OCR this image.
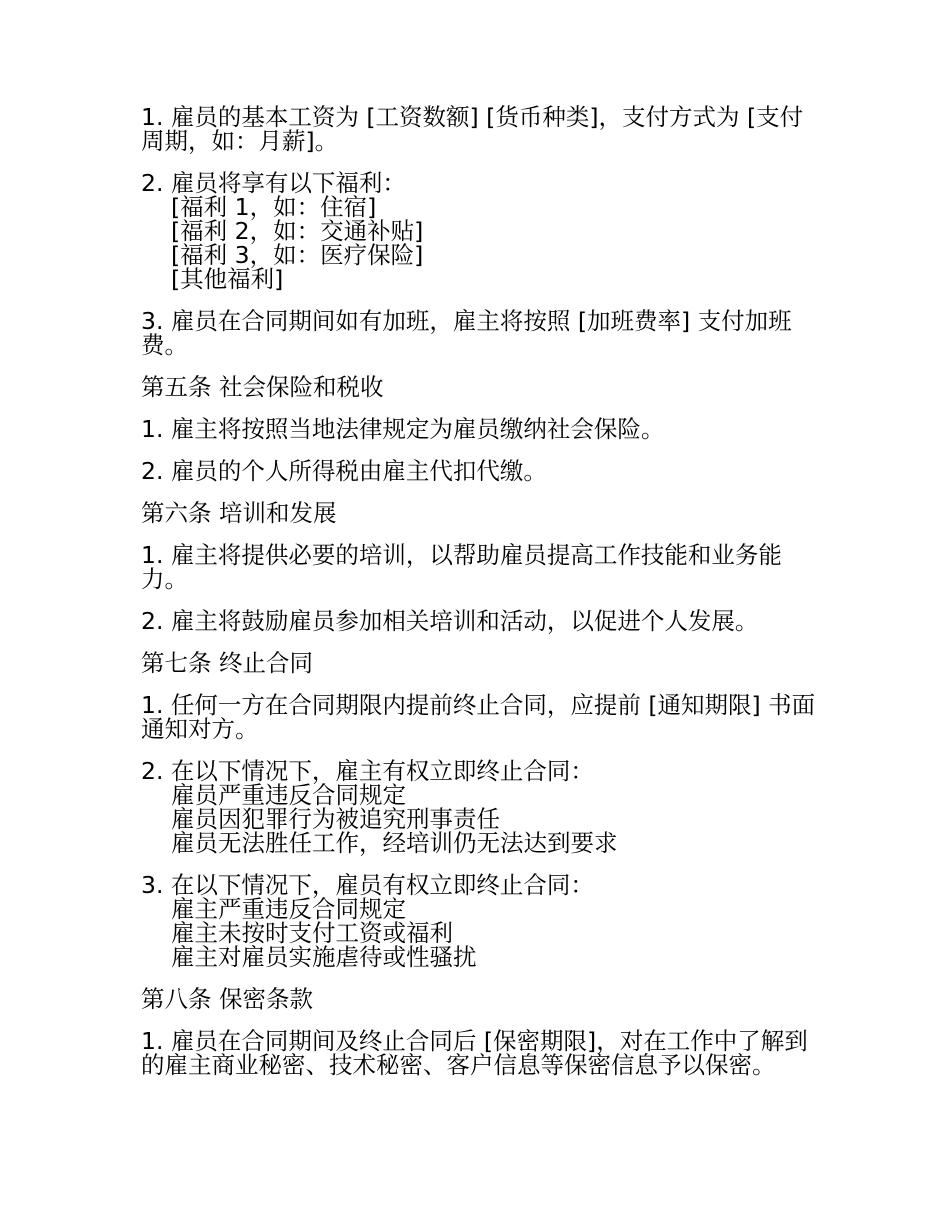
1. 雇员的基本工资为 [工资数额] [货币种类]，支付方式为 [支付周期，如：月薪]。
2. 雇员将享有以下福利：
[福利 1，如：住宿]
[福利 2，如：交通补贴]
[福利 3，如：医疗保险]
[其他福利]
3. 雇员在合同期间如有加班，雇主将按照 [加班费率] 支付加班费。
第五条 社会保险和税收
1. 雇主将按照当地法律规定为雇员缴纳社会保险。
2. 雇员的个人所得税由雇主代扣代缴。
第六条 培训和发展
1. 雇主将提供必要的培训，以帮助雇员提高工作技能和业务能力。
2. 雇主将鼓励雇员参加相关培训和活动，以促进个人发展。
第七条 终止合同
1. 任何一方在合同期限内提前终止合同，应提前 [通知期限] 书面通知对方。
2. 在以下情况下，雇主有权立即终止合同：
雇员严重违反合同规定
雇员因犯罪行为被追究刑事责任
雇员无法胜任工作，经培训仍无法达到要求
3. 在以下情况下，雇员有权立即终止合同：
雇主严重违反合同规定
雇主未按时支付工资或福利
雇主对雇员实施虐待或性骚扰
第八条 保密条款
1. 雇员在合同期间及终止合同后 [保密期限]，对在工作中了解到的雇主商业秘密、技术秘密、客户信息等保密信息予以保密。
